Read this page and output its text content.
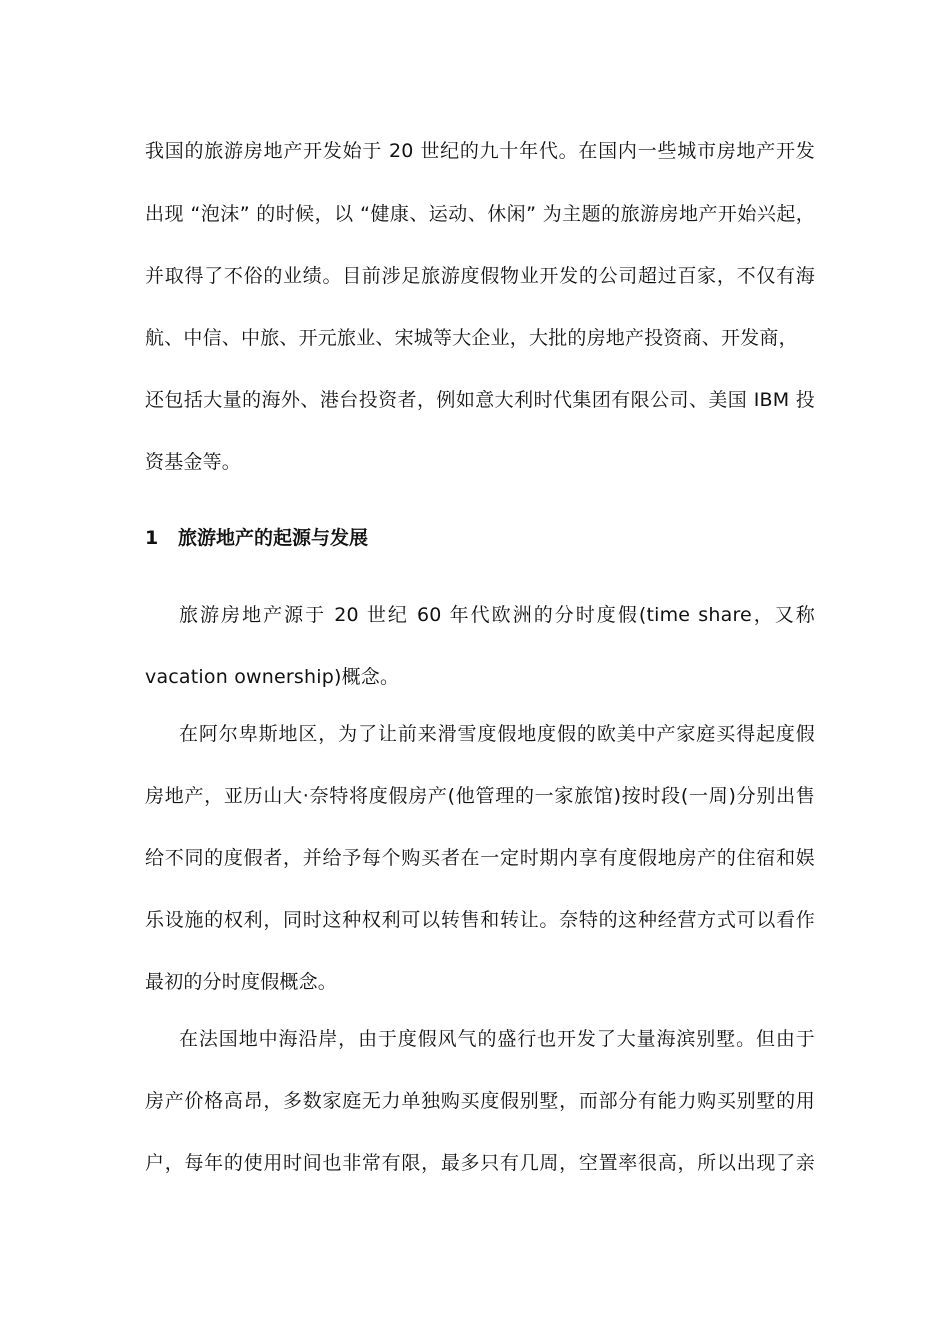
我国的旅游房地产开发始于 20 世纪的九十年代。在国内一些城市房地产开发
出现 “泡沫” 的时候，以 “健康、运动、休闲” 为主题的旅游房地产开始兴起，
并取得了不俗的业绩。目前涉足旅游度假物业开发的公司超过百家，不仅有海
航、中信、中旅、开元旅业、宋城等大企业，大批的房地产投资商、开发商，
还包括大量的海外、港台投资者，例如意大利时代集团有限公司、美国 IBM 投
资基金等。
1 旅游地产的起源与发展
旅游房地产源于 20 世纪 60 年代欧洲的分时度假(time share，又称
vacation ownership)概念。
在阿尔卑斯地区，为了让前来滑雪度假地度假的欧美中产家庭买得起度假
房地产，亚历山大·奈特将度假房产(他管理的一家旅馆)按时段(一周)分别出售
给不同的度假者，并给予每个购买者在一定时期内享有度假地房产的住宿和娱
乐设施的权利，同时这种权利可以转售和转让。奈特的这种经营方式可以看作
最初的分时度假概念。
在法国地中海沿岸，由于度假风气的盛行也开发了大量海滨别墅。但由于
房产价格高昂，多数家庭无力单独购买度假别墅，而部分有能力购买别墅的用
户，每年的使用时间也非常有限，最多只有几周，空置率很高，所以出现了亲
